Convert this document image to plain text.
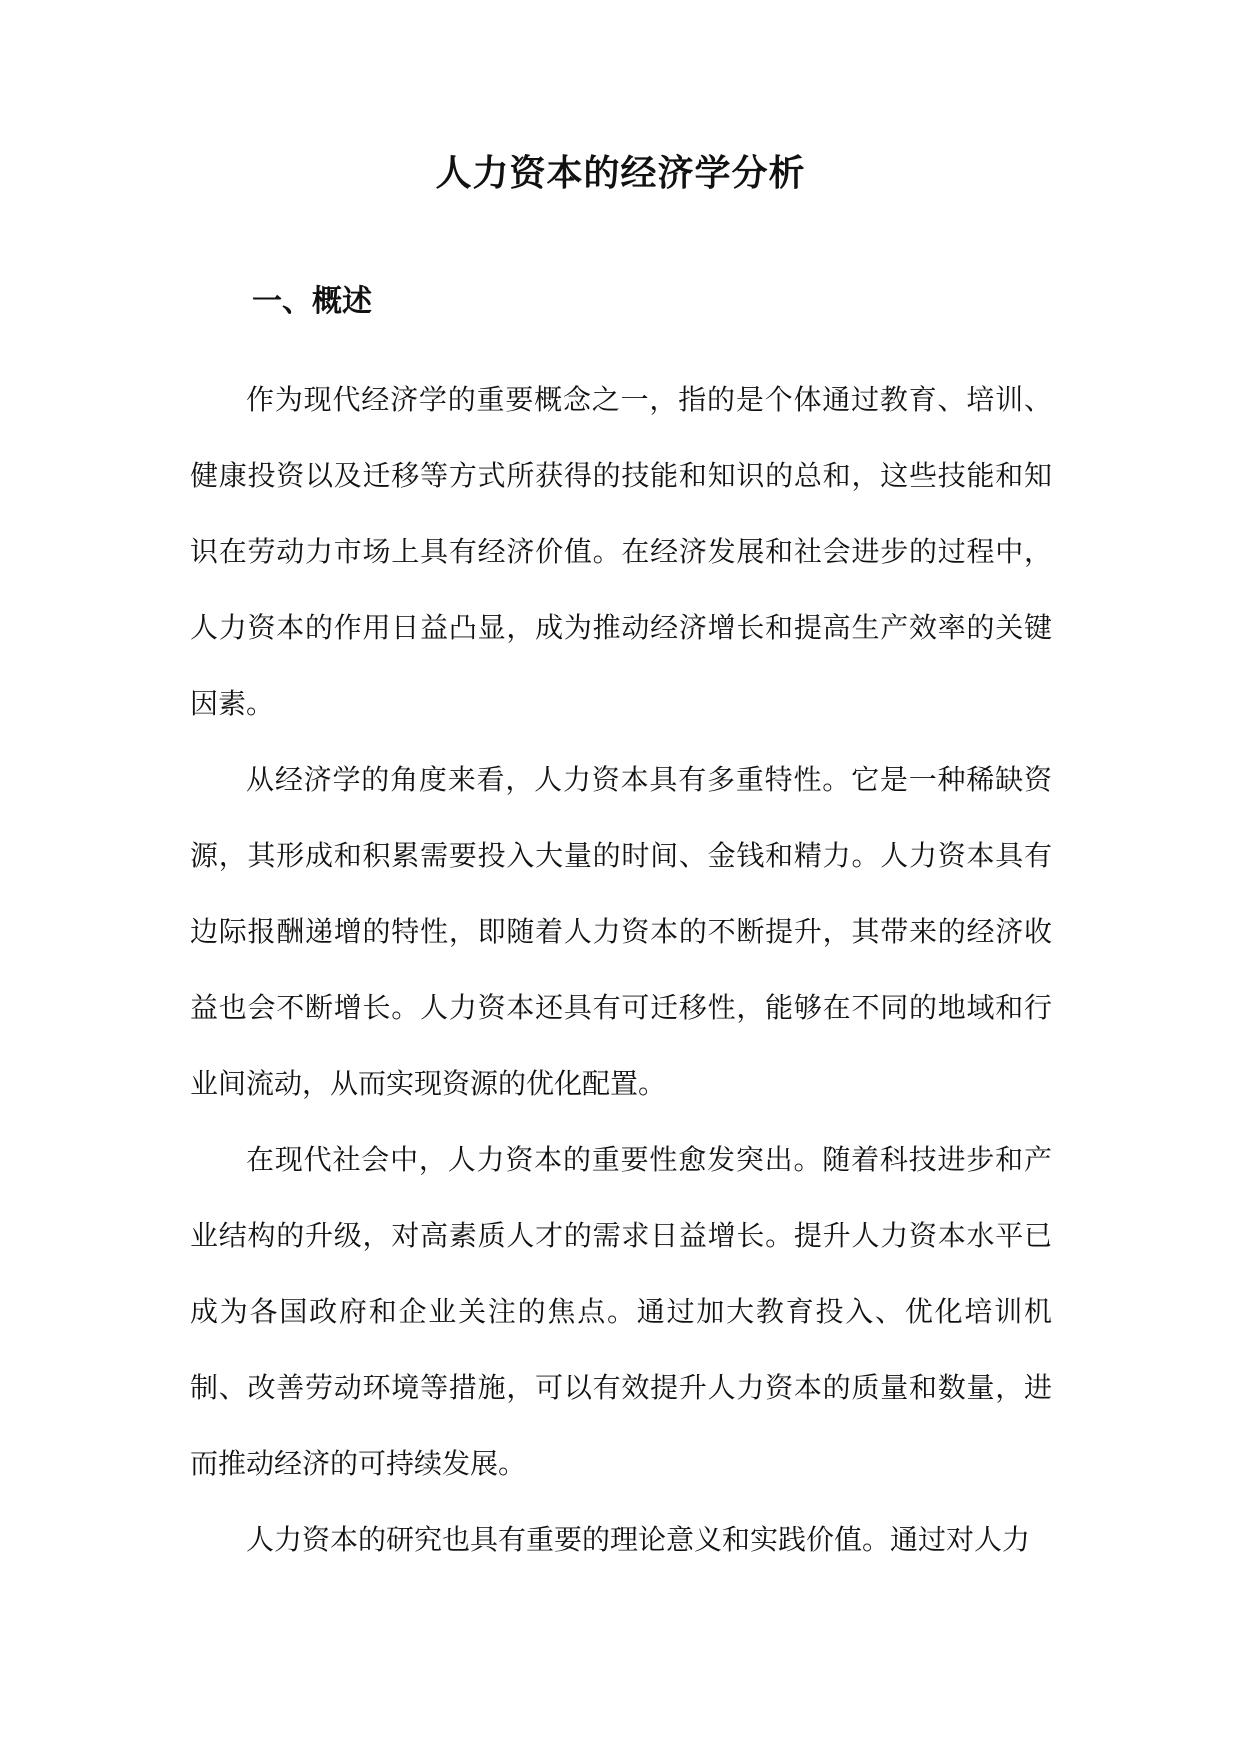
人力资本的经济学分析
一、概述

作为现代经济学的重要概念之一，指的是个体通过教育、培训、健康投资以及迁移等方式所获得的技能和知识的总和，这些技能和知识在劳动力市场上具有经济价值。在经济发展和社会进步的过程中，人力资本的作用日益凸显，成为推动经济增长和提高生产效率的关键因素。

从经济学的角度来看，人力资本具有多重特性。它是一种稀缺资源，其形成和积累需要投入大量的时间、金钱和精力。人力资本具有边际报酬递增的特性，即随着人力资本的不断提升，其带来的经济收益也会不断增长。人力资本还具有可迁移性，能够在不同的地域和行业间流动，从而实现资源的优化配置。

在现代社会中，人力资本的重要性愈发突出。随着科技进步和产业结构的升级，对高素质人才的需求日益增长。提升人力资本水平已成为各国政府和企业关注的焦点。通过加大教育投入、优化培训机制、改善劳动环境等措施，可以有效提升人力资本的质量和数量，进而推动经济的可持续发展。

人力资本的研究也具有重要的理论意义和实践价值。通过对人力
